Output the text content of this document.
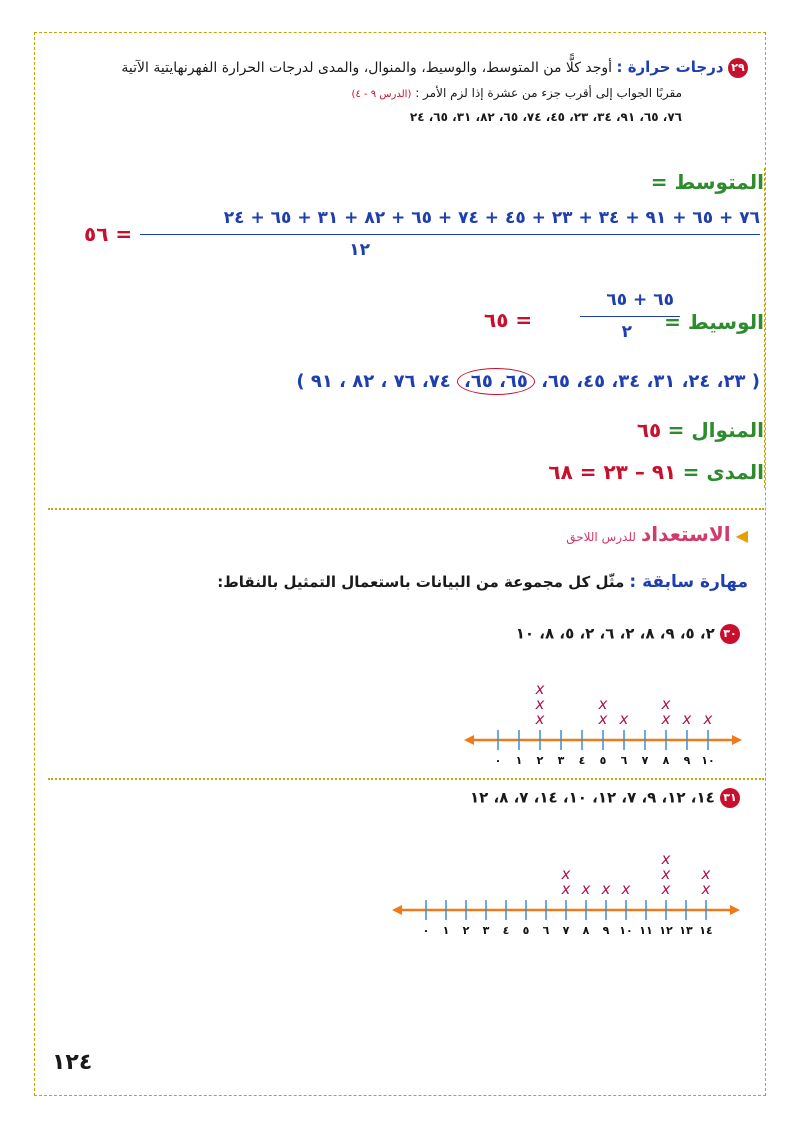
٢٩ درجات حرارة : أوجد كلًّا من المتوسط، والوسيط، والمنوال، والمدى لدرجات الحرارة الفهرنهايتية الآتية
مقربًا الجواب إلى أقرب جزء من عشرة إذا لزم الأمر : (الدرس ٩ - ٤)
٧٦، ٦٥، ٩١، ٣٤، ٢٣، ٤٥، ٧٤، ٦٥، ٨٢، ٣١، ٦٥، ٢٤
المتوسط =
٧٦ + ٦٥ + ٩١ + ٣٤ + ٢٣ + ٤٥ + ٧٤ + ٦٥ + ٨٢ + ٣١ + ٦٥ + ٢٤
١٢
= ٥٦
الوسيط =
٦٥ + ٦٥
٢
= ٦٥
( ٢٣، ٢٤، ٣١، ٣٤، ٤٥، ٦٥، ٦٥، ٦٥، ٧٤، ٧٦ ، ٨٢ ، ٩١ )
المنوال = ٦٥
المدى = ٩١ – ٢٣ = ٦٨
◀ الاستعداد للدرس اللاحق
مهارة سابقة : مثّل كل مجموعة من البيانات باستعمال التمثيل بالنقاط:
٣٠ ٢، ٥، ٩، ٨، ٢، ٦، ٢، ٥، ٨، ١٠
٠ ١ ٢ ٣ ٤ ٥ ٦ ٧ ٨ ٩ ١٠
x
x
x
x
x
x x
x
x x
٣١ ١٤، ١٢، ٩، ٧، ١٢، ١٠، ١٤، ٧، ٨، ١٢
٠ ١ ٢ ٣ ٤ ٥ ٦ ٧ ٨ ٩ ١٠ ١١ ١٢ ١٣ ١٤
x
x
x x x x
x
x
x
x
١٢٤
